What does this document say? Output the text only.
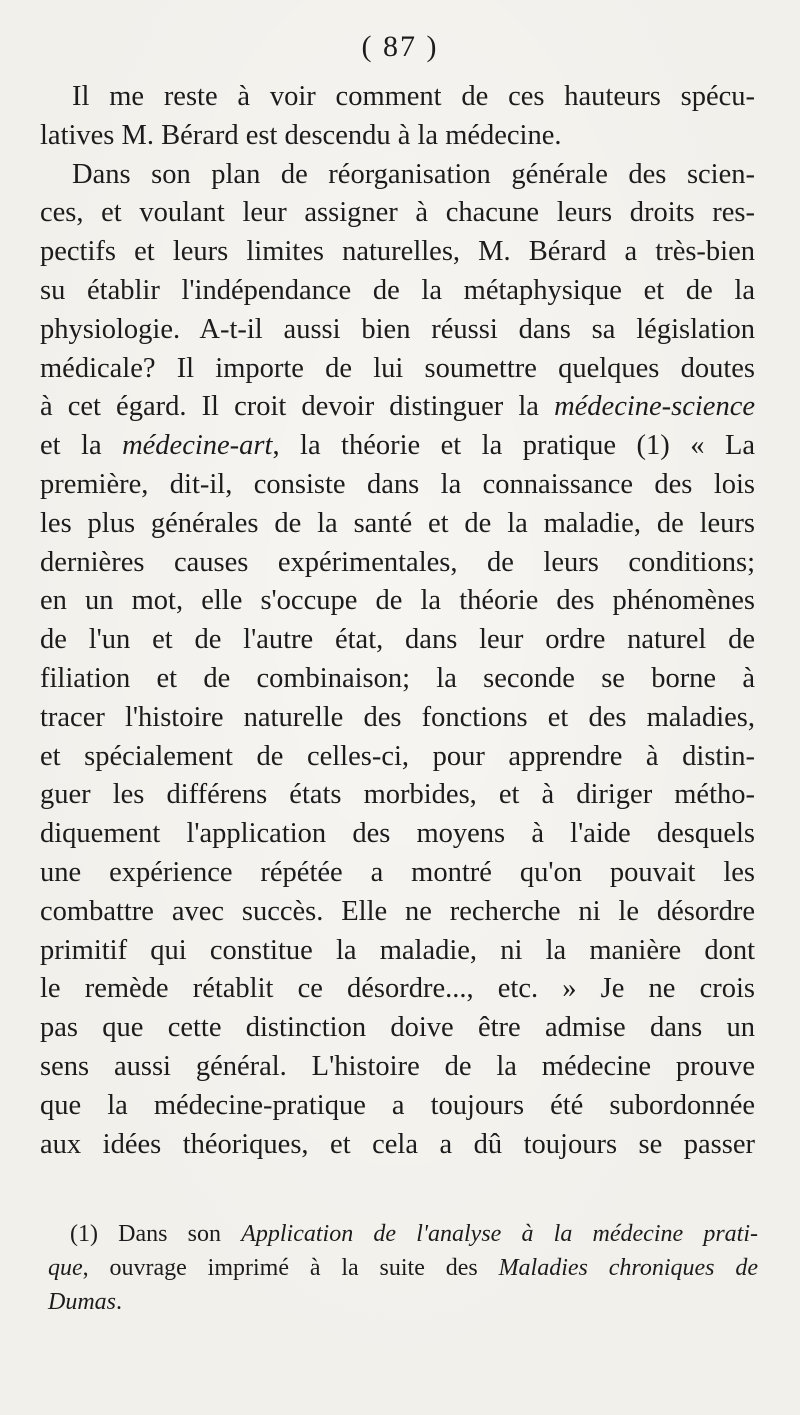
( 87 )
Il me reste à voir comment de ces hauteurs spécu-
latives M. Bérard est descendu à la médecine.
Dans son plan de réorganisation générale des scien-
ces, et voulant leur assigner à chacune leurs droits res-
pectifs et leurs limites naturelles, M. Bérard a très-bien
su établir l'indépendance de la métaphysique et de la
physiologie. A-t-il aussi bien réussi dans sa législation
médicale? Il importe de lui soumettre quelques doutes
à cet égard. Il croit devoir distinguer la médecine-science
et la médecine-art, la théorie et la pratique (1) « La
première, dit-il, consiste dans la connaissance des lois
les plus générales de la santé et de la maladie, de leurs
dernières causes expérimentales, de leurs conditions;
en un mot, elle s'occupe de la théorie des phénomènes
de l'un et de l'autre état, dans leur ordre naturel de
filiation et de combinaison; la seconde se borne à
tracer l'histoire naturelle des fonctions et des maladies,
et spécialement de celles-ci, pour apprendre à distin-
guer les différens états morbides, et à diriger métho-
diquement l'application des moyens à l'aide desquels
une expérience répétée a montré qu'on pouvait les
combattre avec succès. Elle ne recherche ni le désordre
primitif qui constitue la maladie, ni la manière dont
le remède rétablit ce désordre..., etc. » Je ne crois
pas que cette distinction doive être admise dans un
sens aussi général. L'histoire de la médecine prouve
que la médecine-pratique a toujours été subordonnée
aux idées théoriques, et cela a dû toujours se passer
(1) Dans son Application de l'analyse à la médecine prati-
que, ouvrage imprimé à la suite des Maladies chroniques de
Dumas.
